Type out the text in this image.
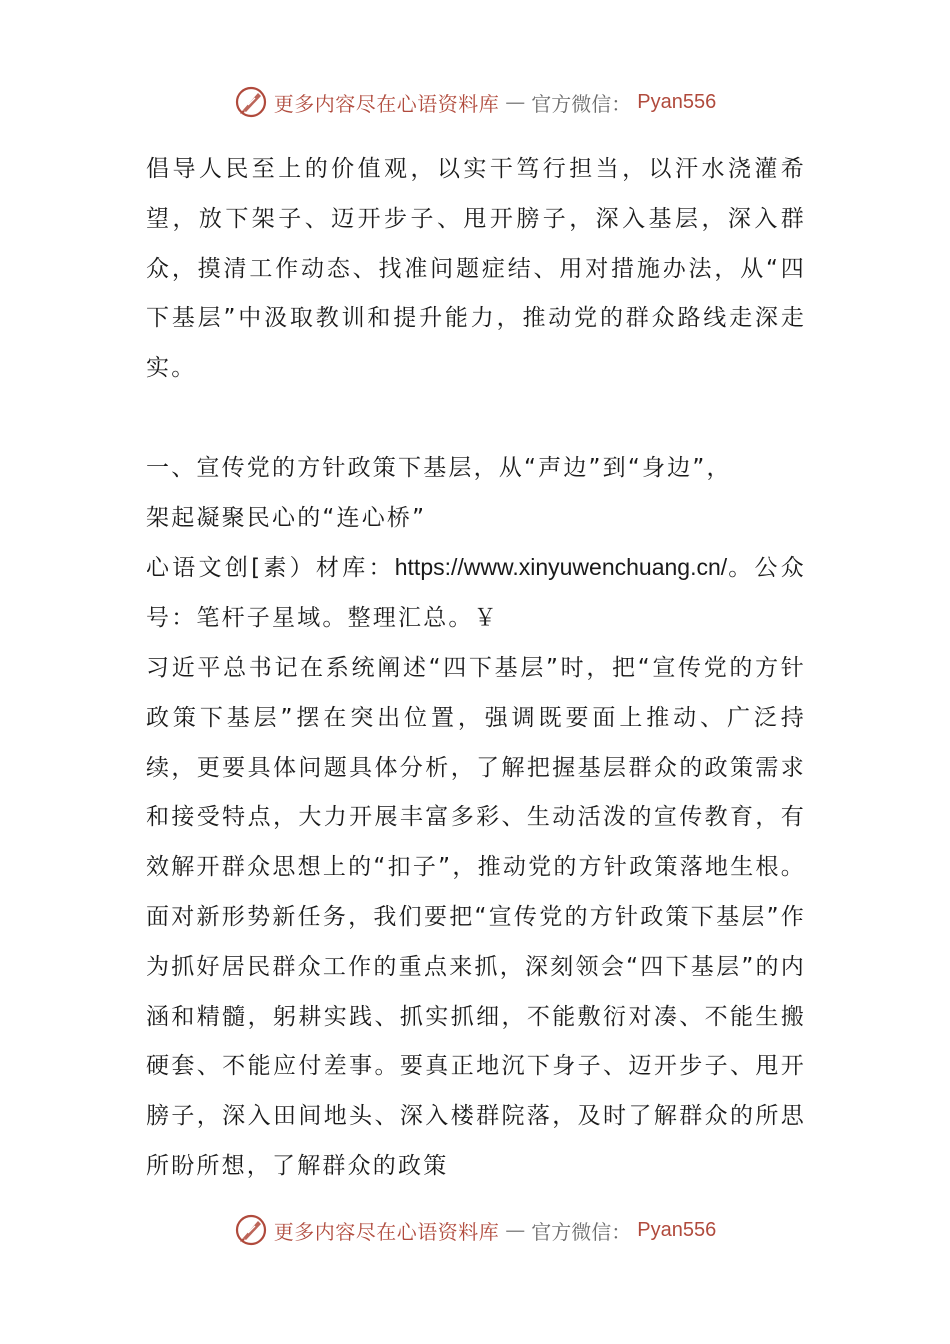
更多内容尽在心语资料库 — 官方微信： Pyan556

倡导人民至上的价值观，以实干笃行担当，以汗水浇灌希望，放下架子、迈开步子、甩开膀子，深入基层，深入群众，摸清工作动态、找准问题症结、用对措施办法，从“四下基层”中汲取教训和提升能力，推动党的群众路线走深走实。

一、宣传党的方针政策下基层，从“声边”到“身边”，
架起凝聚民心的“连心桥”

心语文创[素）材库：https://www.xinyuwenchuang.cn/。公众号：笔杆子星域。整理汇总。￥

习近平总书记在系统阐述“四下基层”时，把“宣传党的方针政策下基层”摆在突出位置，强调既要面上推动、广泛持续，更要具体问题具体分析，了解把握基层群众的政策需求和接受特点，大力开展丰富多彩、生动活泼的宣传教育，有效解开群众思想上的“扣子”，推动党的方针政策落地生根。面对新形势新任务，我们要把“宣传党的方针政策下基层”作为抓好居民群众工作的重点来抓，深刻领会“四下基层”的内涵和精髓，躬耕实践、抓实抓细，不能敷衍对凑、不能生搬硬套、不能应付差事。要真正地沉下身子、迈开步子、甩开膀子，深入田间地头、深入楼群院落，及时了解群众的所思所盼所想，了解群众的政策

更多内容尽在心语资料库 — 官方微信： Pyan556
